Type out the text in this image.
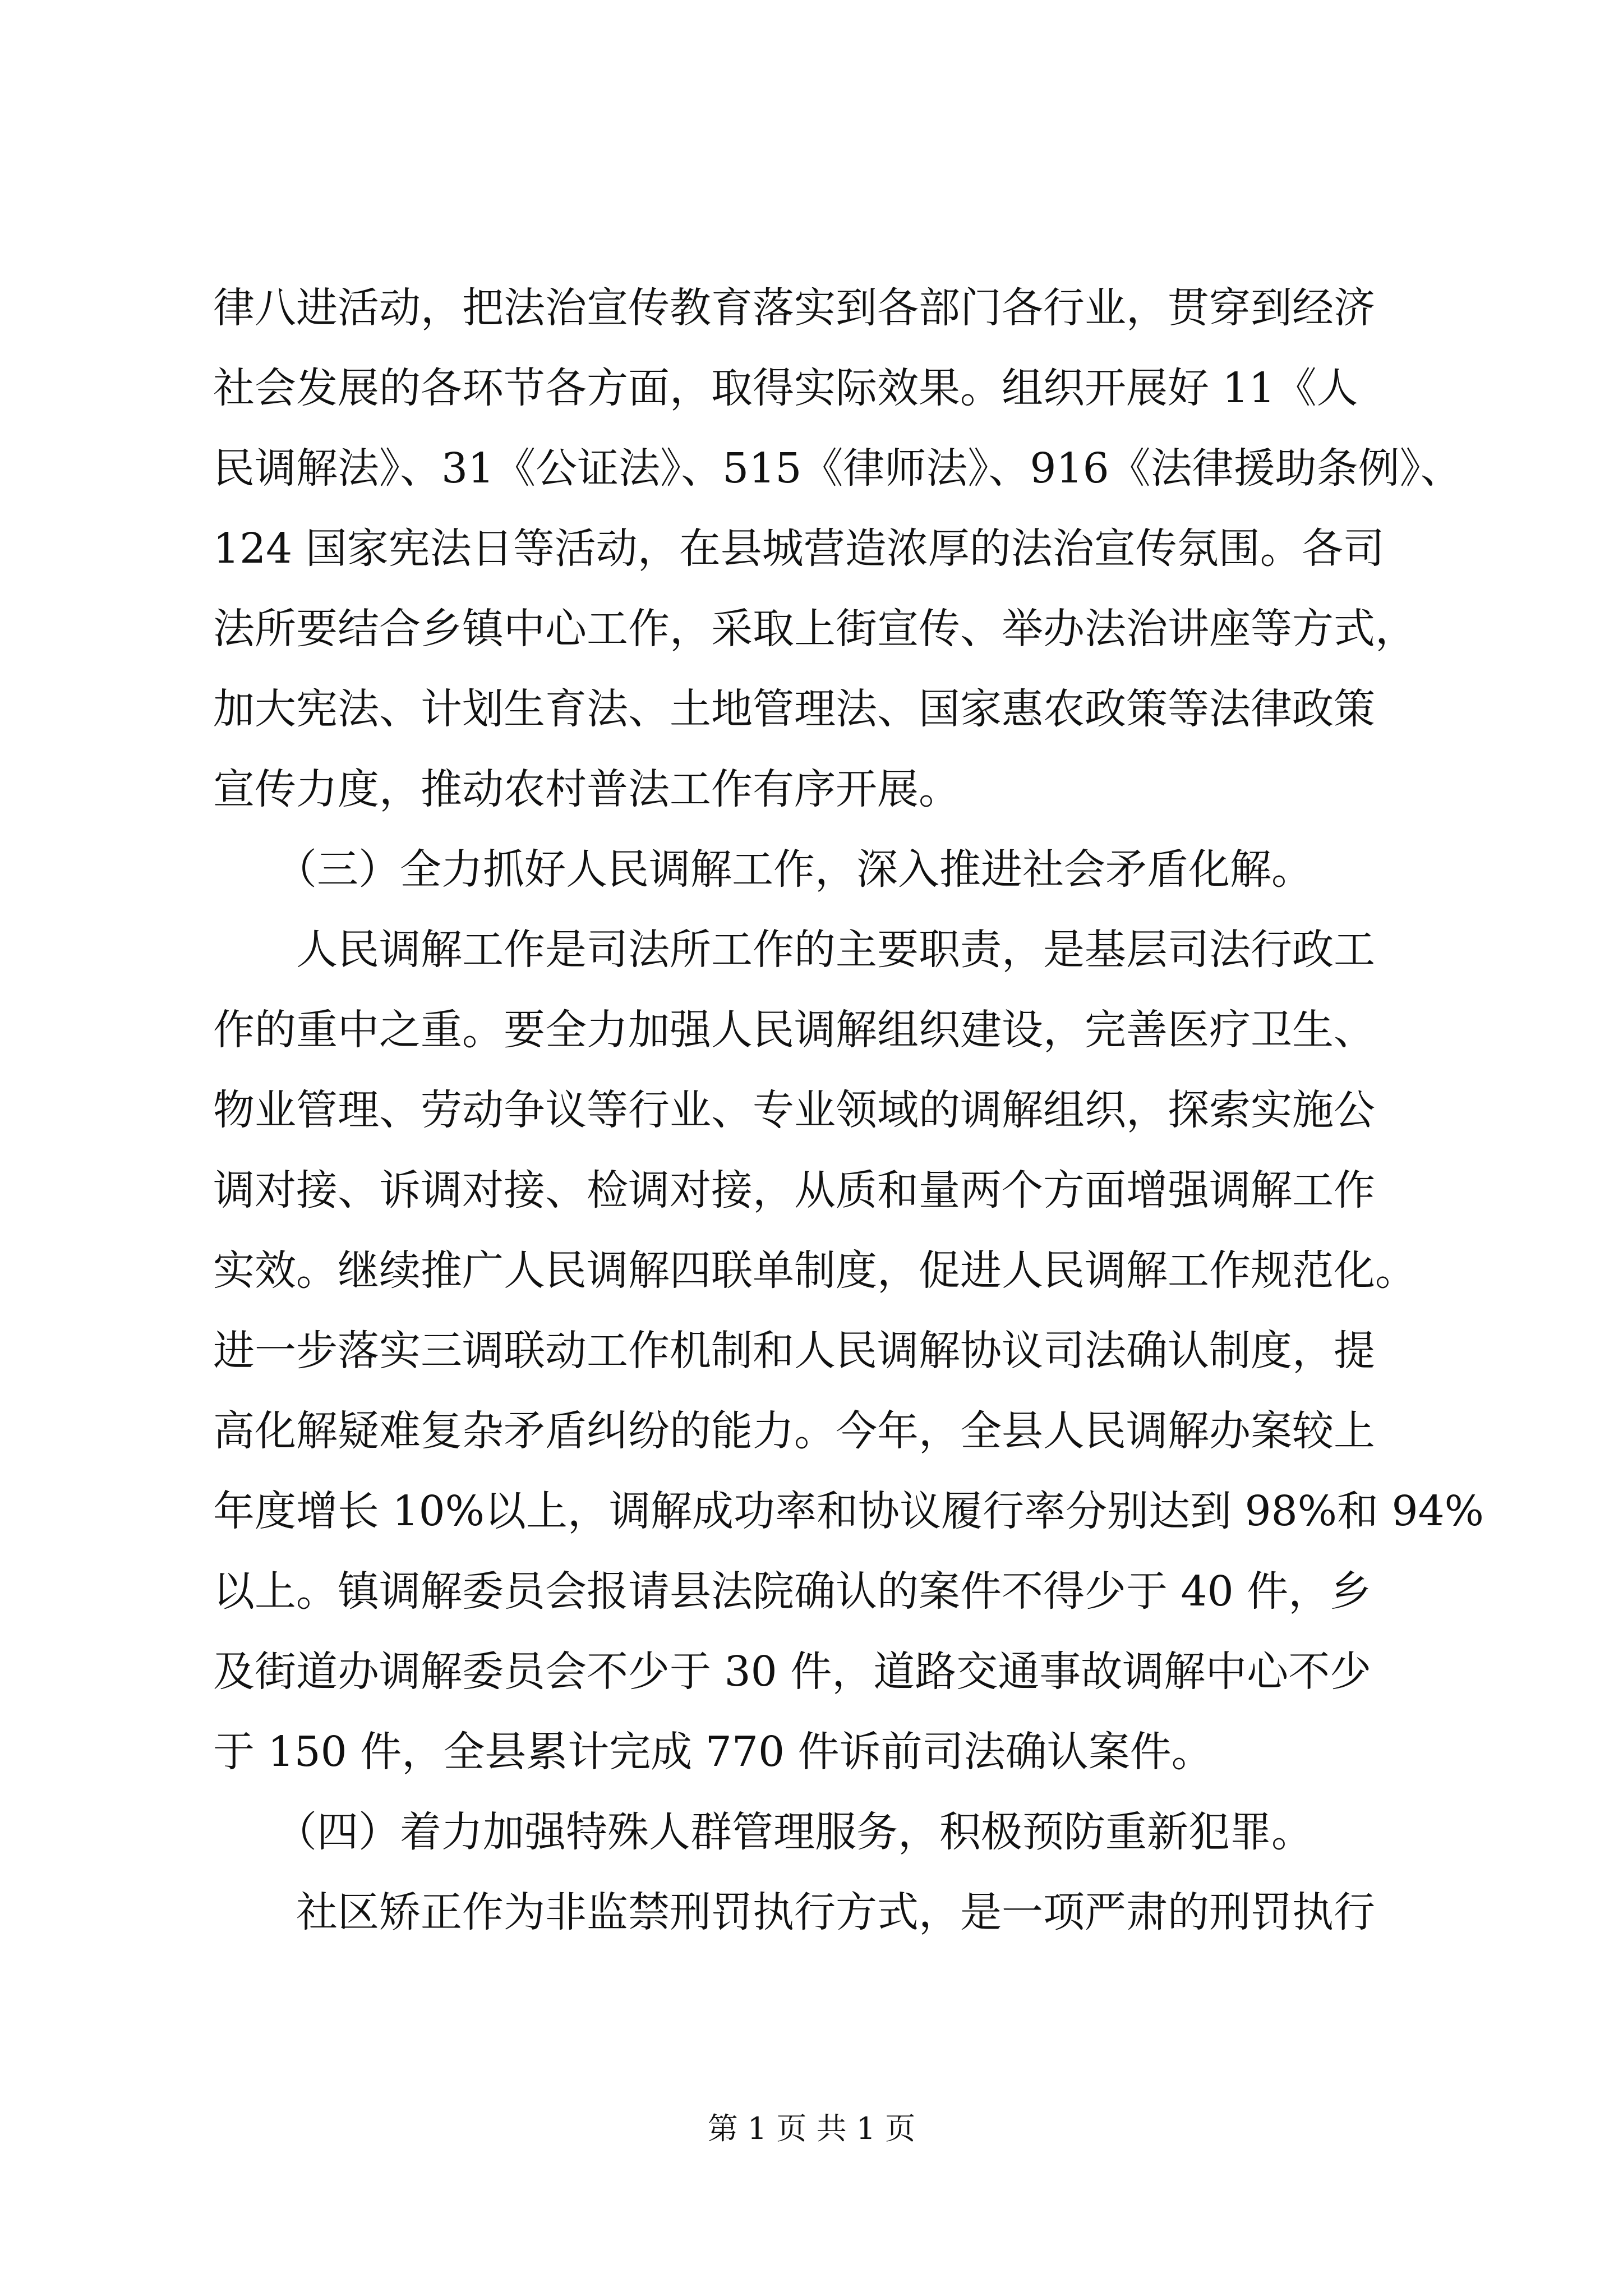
律八进活动，把法治宣传教育落实到各部门各行业，贯穿到经济
社会发展的各环节各方面，取得实际效果。组织开展好 11《人
民调解法》、31《公证法》、515《律师法》、916《法律援助条例》、
124 国家宪法日等活动，在县城营造浓厚的法治宣传氛围。各司
法所要结合乡镇中心工作，采取上街宣传、举办法治讲座等方式，
加大宪法、计划生育法、土地管理法、国家惠农政策等法律政策
宣传力度，推动农村普法工作有序开展。
　　（三）全力抓好人民调解工作，深入推进社会矛盾化解。
　　人民调解工作是司法所工作的主要职责，是基层司法行政工
作的重中之重。要全力加强人民调解组织建设，完善医疗卫生、
物业管理、劳动争议等行业、专业领域的调解组织，探索实施公
调对接、诉调对接、检调对接，从质和量两个方面增强调解工作
实效。继续推广人民调解四联单制度，促进人民调解工作规范化。
进一步落实三调联动工作机制和人民调解协议司法确认制度，提
高化解疑难复杂矛盾纠纷的能力。今年，全县人民调解办案较上
年度增长 10%以上，调解成功率和协议履行率分别达到 98%和 94%
以上。镇调解委员会报请县法院确认的案件不得少于 40 件，乡
及街道办调解委员会不少于 30 件，道路交通事故调解中心不少
于 150 件，全县累计完成 770 件诉前司法确认案件。
　　（四）着力加强特殊人群管理服务，积极预防重新犯罪。
　　社区矫正作为非监禁刑罚执行方式，是一项严肃的刑罚执行
第 1 页 共 1 页
